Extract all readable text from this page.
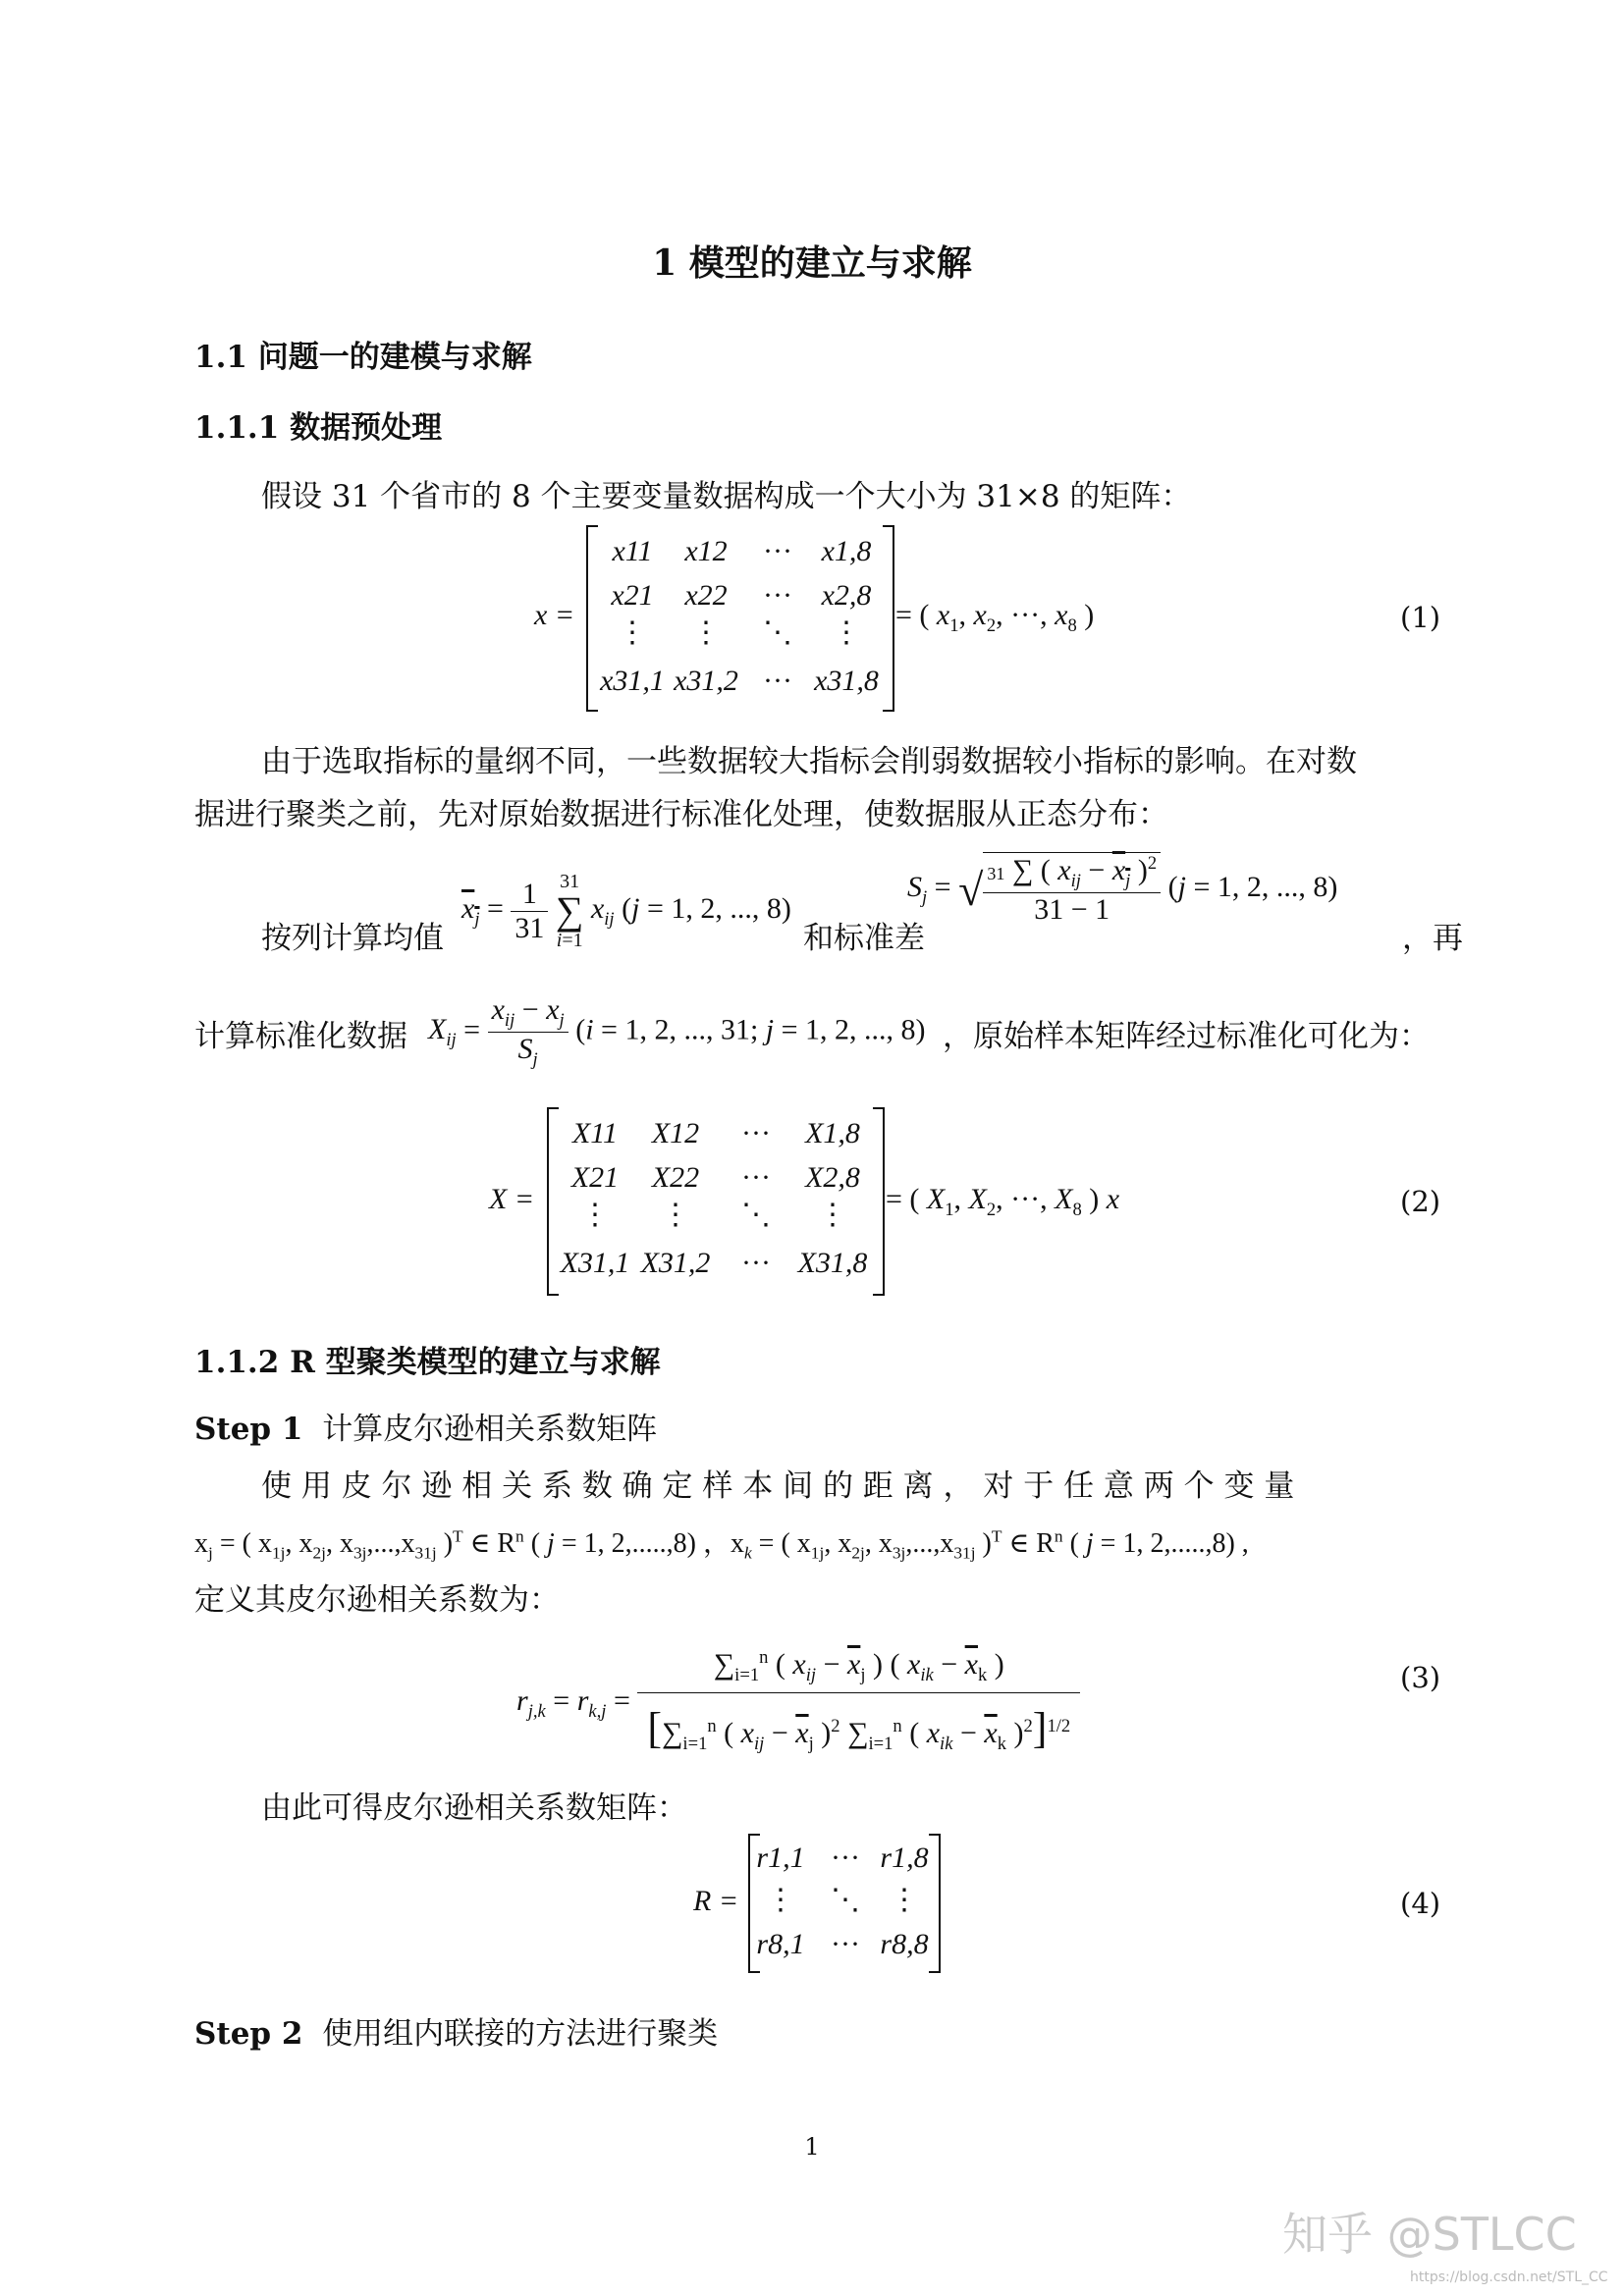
1 模型的建立与求解
1.1 问题一的建模与求解
1.1.1 数据预处理
假设 31 个省市的 8 个主要变量数据构成一个大小为 31×8 的矩阵：
x =
x11	x12	··· x1,8
x21	x22	··· x2,8
⋮	⋮	⋱	⋮
x31,1 x31,2 ··· x31,8
= ( $x_1$, $x_2$, ···, $x_8$ )	(1)
由于选取指标的量纲不同，一些数据较大指标会削弱数据较小指标的影响。在对数
据进行聚类之前，先对原始数据进行标准化处理，使数据服从正态分布：
按列计算均值
$x_j = \frac{1}{31} 31$
∑
i=1 $x_{ij}$ (j = 1, 2, ..., 8)
和标准差
$S_j$ = √ $\frac{31 \sum ( x_{ij} - x_j )^2}{31 - 1} (j = 1$, 2, ..., 8)
，再
计算标准化数据 $X_{ij} = \frac{x_{ij} - x_j}{S_j} (i = 1$, 2, ..., 31; j = 1, 2, ..., 8) ，原始样本矩阵经过标准化可化为：
X =
X11	X12	···	X1,8
X21	X22	···	X2,8
⋮	⋮	⋱	⋮
X31,1 X31,2	··· X31,8
= ( $X_1$, $X_2$, ···, $X_8$ ) x	(2)
1.1.2 R 型聚类模型的建立与求解
Step 1 计算皮尔逊相关系数矩阵
使 用 皮 尔 逊 相 关 系 数 确 定 样 本 间 的 距 离 ， 对 于 任 意 两 个 变 量
$x_j$ = ( $x_{1j}$, $x_{2j}$, $x_{3j},...,x_{31j}$ )$^T$ ∈ $R^n$ ( j = 1, 2,.....,8) ，$x_k$ = ( $x_{1j}$, $x_{2j}$, $x_{3j},...,x_{31j}$ )$^T$ ∈ $R^n$ ( j = 1, 2,.....,8) ,
定义其皮尔逊相关系数为：
$r_{j,k} = r_{k,j} = \frac{\sum_{i=1}^n ( x_{ij} - \overline{x}_j ) ( x_{ik} - \overline{x}_k )}{[\sum_{i=1}^n ( x_{ij} - \overline{x}_j )^2 \sum_{i=1}^n ( x_{ik} - \overline{x}_k )^2]^{1/2}}$	(3)
由此可得皮尔逊相关系数矩阵：
R =
r1,1 ··· r1,8
⋮	⋱	⋮
r8,1 ··· r8,8
(4)
Step 2 使用组内联接的方法进行聚类
1
知乎 @STLCC
https://blog.csdn.net/STL_CC
